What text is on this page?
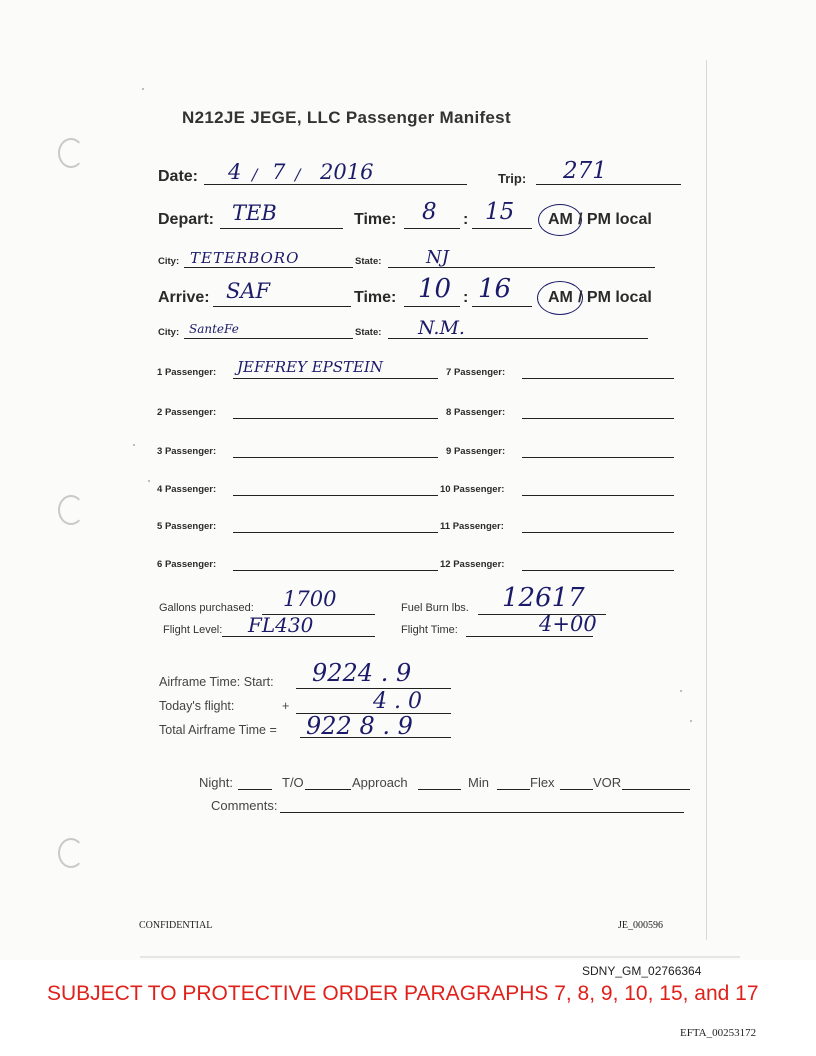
N212JE JEGE, LLC Passenger Manifest
Date: 4 / 7 / 2016	Trip: 271
Depart: TEB	Time: 8 : 15 AM / PM local
City: TETERBORO	State: NJ
Arrive: SAF	Time: 10 : 16 AM / PM local
City: SanteFe	State: N.M.
1 Passenger: JEFFREY EPSTEIN
2 Passenger:
3 Passenger:
4 Passenger:
5 Passenger:
6 Passenger:
7 Passenger:
8 Passenger:
9 Passenger:
10 Passenger:
11 Passenger:
12 Passenger:
Gallons purchased: 1700	Fuel Burn lbs. 12617
Flight Level: FL430	Flight Time:	4+00
Airframe Time: Start: 9224 . 9
Today's flight:	+	4 . 0
Total Airframe Time = 922 8 . 9
Night:	T/O	Approach	Min	Flex	VOR
Comments:
CONFIDENTIAL	JE_000596
SDNY_GM_02766364
SUBJECT TO PROTECTIVE ORDER PARAGRAPHS 7, 8, 9, 10, 15, and 17
EFTA_00253172
